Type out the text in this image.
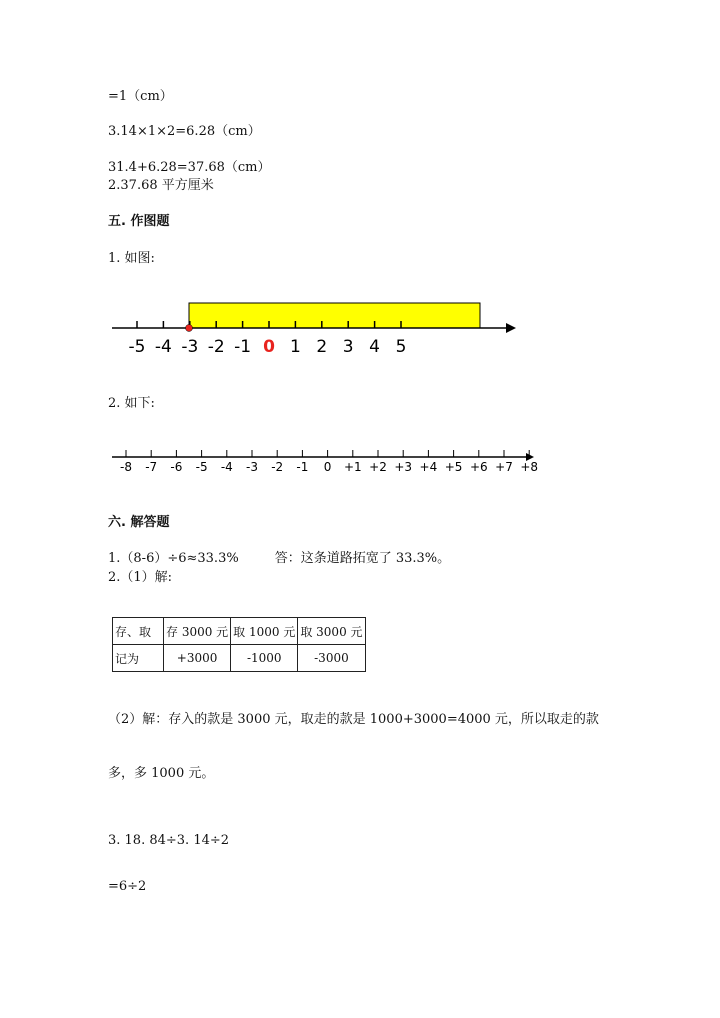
=1（cm）
3.14×1×2=6.28（cm）
31.4+6.28=37.68（cm）
2.37.68 平方厘米
五. 作图题
1. 如图:
-5 -4 -3 -2 -1 0 1 2 3 4 5
2. 如下:
-8 -7 -6 -5 -4 -3 -2 -1 0 +1 +2 +3 +4 +5 +6 +7 +8
六. 解答题
1.（8-6）÷6≈33.3%	答：这条道路拓宽了 33.3%。
2.（1）解:
存、取	存 3000 元	取 1000 元	取 3000 元
记为	+3000	-1000	-3000
（2）解：存入的款是 3000 元，取走的款是 1000+3000=4000 元，所以取走的款
多，多 1000 元。
3. 18. 84÷3. 14÷2
=6÷2
